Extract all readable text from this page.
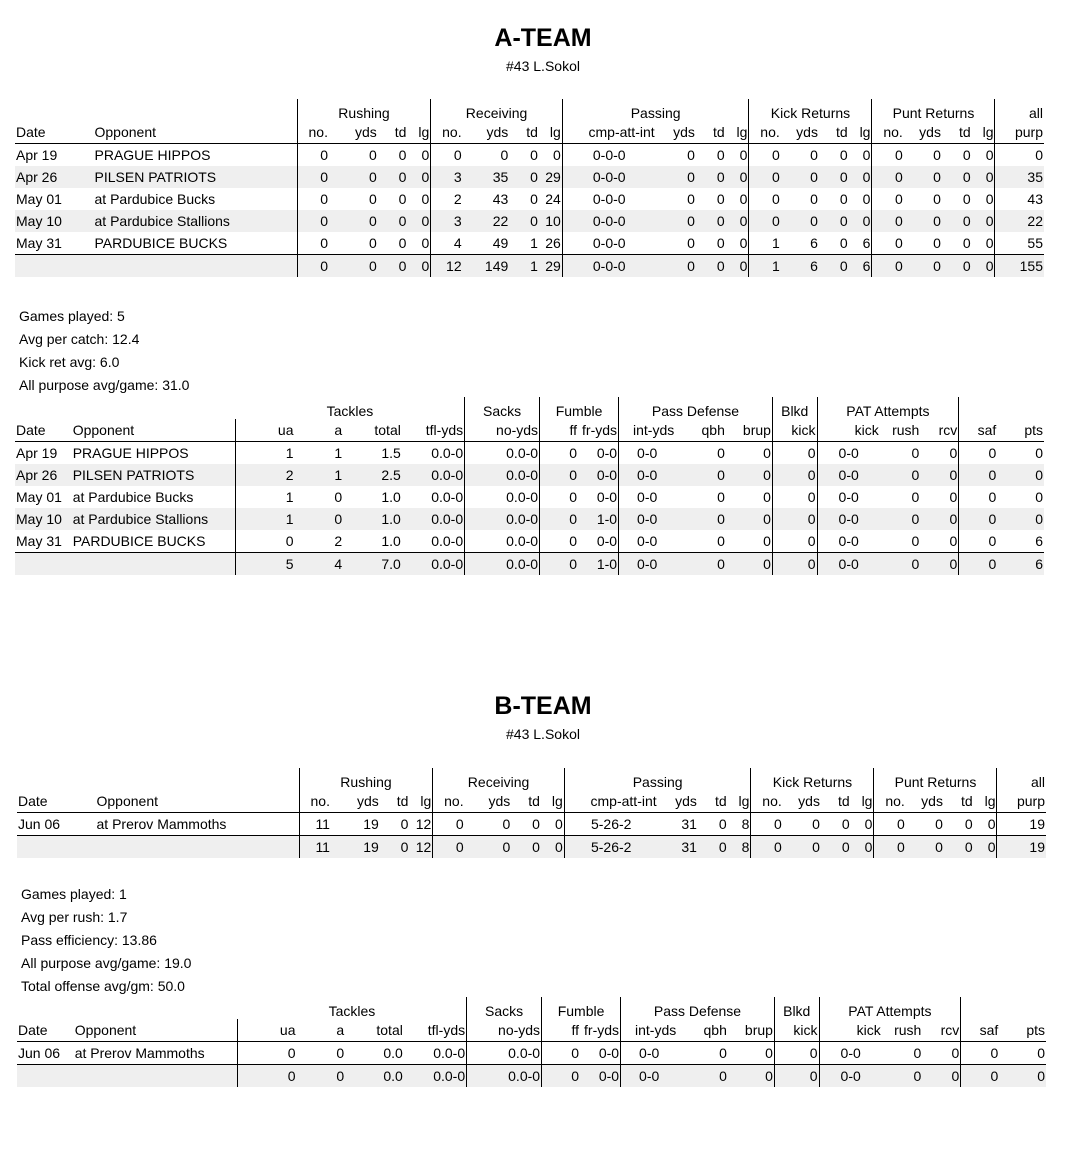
A-TEAM
#43 L.Sokol
		Rushing				Receiving				Passing				Kick Returns				Punt Returns				all
Date	Opponent	no.	yds	td	lg	no.	yds	td	lg	cmp-att-int	yds	td	lg	no.	yds	td	lg	no.	yds	td	lg	purp
Apr 19	PRAGUE HIPPOS	0	0	0	0	0	0	0	0	0-0-0	0	0	0	0	0	0	0	0	0	0	0	0
Apr 26	PILSEN PATRIOTS	0	0	0	0	3	35	0	29	0-0-0	0	0	0	0	0	0	0	0	0	0	0	35
May 01	at Pardubice Bucks	0	0	0	0	2	43	0	24	0-0-0	0	0	0	0	0	0	0	0	0	0	0	43
May 10	at Pardubice Stallions	0	0	0	0	3	22	0	10	0-0-0	0	0	0	0	0	0	0	0	0	0	0	22
May 31	PARDUBICE BUCKS	0	0	0	0	4	49	1	26	0-0-0	0	0	0	1	6	0	6	0	0	0	0	55
		0	0	0	0	12	149	1	29	0-0-0	0	0	0	1	6	0	6	0	0	0	0	155
Games played: 5
Avg per catch: 12.4
Kick ret avg: 6.0
All purpose avg/game: 31.0
		Tackles				Sacks	Fumble		Pass Defense			Blkd	PAT Attempts				
Date	Opponent	ua	a	total	tfl-yds	no-yds	ff	fr-yds	int-yds	qbh	brup	kick	kick	rush	rcv	saf	pts
Apr 19	PRAGUE HIPPOS	1	1	1.5	0.0-0	0.0-0	0	0-0	0-0	0	0	0	0-0	0	0	0	0
Apr 26	PILSEN PATRIOTS	2	1	2.5	0.0-0	0.0-0	0	0-0	0-0	0	0	0	0-0	0	0	0	0
May 01	at Pardubice Bucks	1	0	1.0	0.0-0	0.0-0	0	0-0	0-0	0	0	0	0-0	0	0	0	0
May 10	at Pardubice Stallions	1	0	1.0	0.0-0	0.0-0	0	1-0	0-0	0	0	0	0-0	0	0	0	0
May 31	PARDUBICE BUCKS	0	2	1.0	0.0-0	0.0-0	0	0-0	0-0	0	0	0	0-0	0	0	0	6
		5	4	7.0	0.0-0	0.0-0	0	1-0	0-0	0	0	0	0-0	0	0	0	6
B-TEAM
#43 L.Sokol
		Rushing				Receiving				Passing				Kick Returns				Punt Returns				all
Date	Opponent	no.	yds	td	lg	no.	yds	td	lg	cmp-att-int	yds	td	lg	no.	yds	td	lg	no.	yds	td	lg	purp
Jun 06	at Prerov Mammoths	11	19	0	12	0	0	0	0	5-26-2	31	0	8	0	0	0	0	0	0	0	0	19
		11	19	0	12	0	0	0	0	5-26-2	31	0	8	0	0	0	0	0	0	0	0	19
Games played: 1
Avg per rush: 1.7
Pass efficiency: 13.86
All purpose avg/game: 19.0
Total offense avg/gm: 50.0
		Tackles				Sacks	Fumble		Pass Defense			Blkd	PAT Attempts				
Date	Opponent	ua	a	total	tfl-yds	no-yds	ff	fr-yds	int-yds	qbh	brup	kick	kick	rush	rcv	saf	pts
Jun 06	at Prerov Mammoths	0	0	0.0	0.0-0	0.0-0	0	0-0	0-0	0	0	0	0-0	0	0	0	0
		0	0	0.0	0.0-0	0.0-0	0	0-0	0-0	0	0	0	0-0	0	0	0	0
